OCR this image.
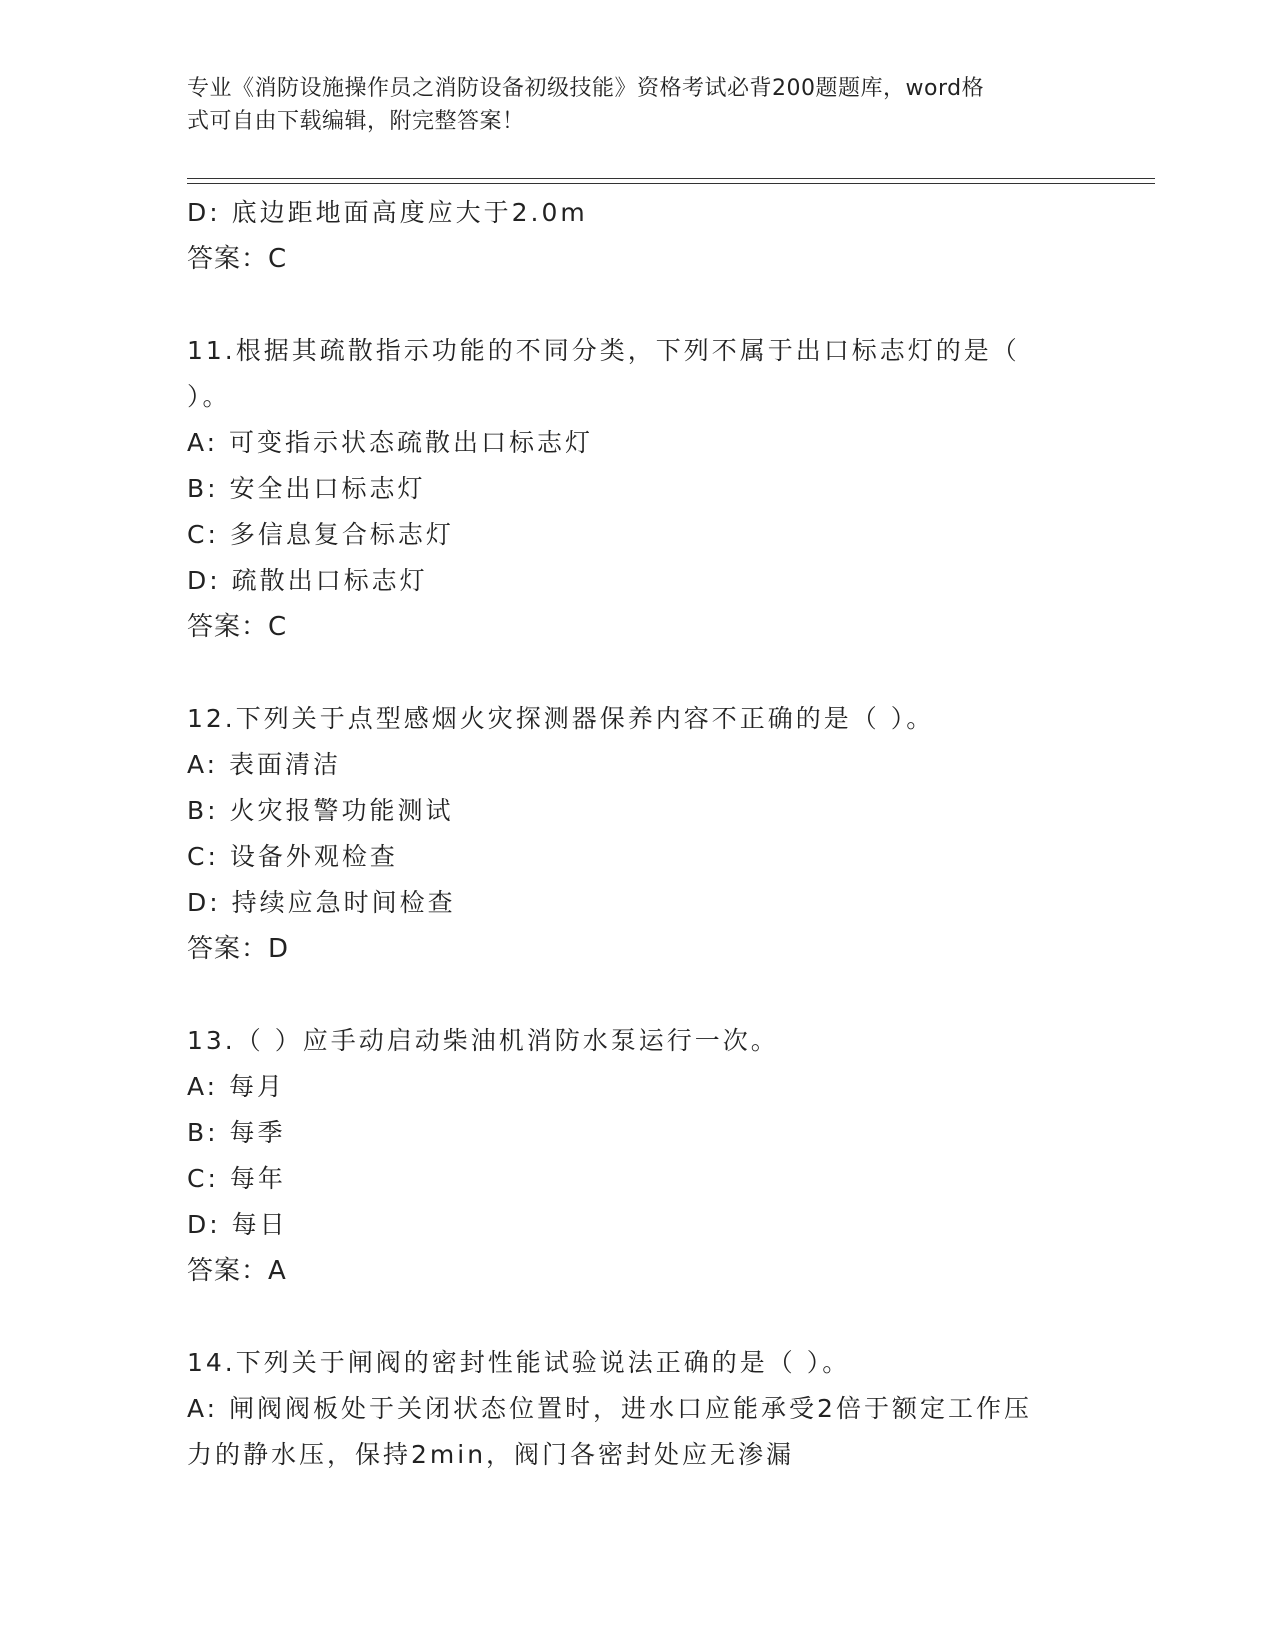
专业《消防设施操作员之消防设备初级技能》资格考试必背200题题库，word格
式可自由下载编辑，附完整答案！
D: 底边距地面高度应大于2.0m
答案：C
11.根据其疏散指示功能的不同分类，下列不属于出口标志灯的是（
）。
A: 可变指示状态疏散出口标志灯
B: 安全出口标志灯
C: 多信息复合标志灯
D: 疏散出口标志灯
答案：C
12.下列关于点型感烟火灾探测器保养内容不正确的是（ ）。
A: 表面清洁
B: 火灾报警功能测试
C: 设备外观检查
D: 持续应急时间检查
答案：D
13.（ ）应手动启动柴油机消防水泵运行一次。
A: 每月
B: 每季
C: 每年
D: 每日
答案：A
14.下列关于闸阀的密封性能试验说法正确的是（ ）。
A: 闸阀阀板处于关闭状态位置时，进水口应能承受2倍于额定工作压
力的静水压，保持2min，阀门各密封处应无渗漏
